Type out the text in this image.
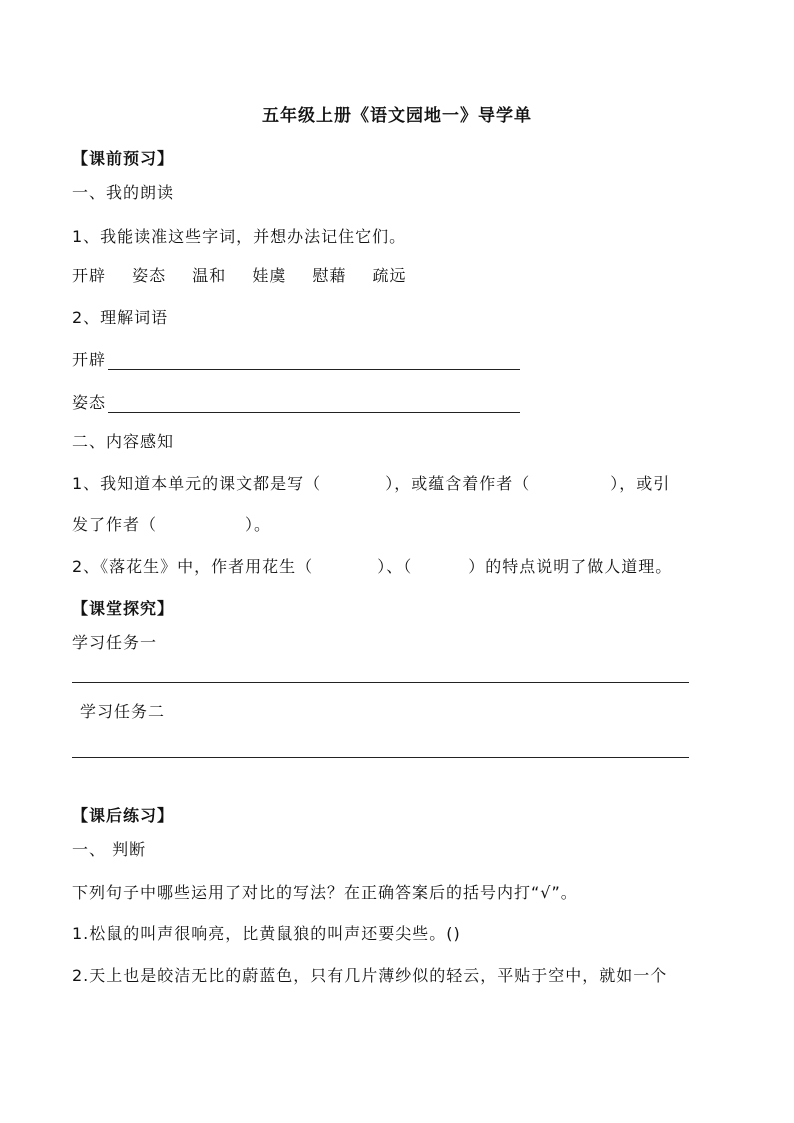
五年级上册《语文园地一》导学单
【课前预习】
一、我的朗读
1、我能读准这些字词，并想办法记住它们。
开辟 姿态 温和 娃虞 慰藉 疏远
2、理解词语
开辟
姿态
二、内容感知
1、我知道本单元的课文都是写（	），或蕴含着作者（	），或引
发了作者（	）。
2、《落花生》中，作者用花生（	）、（	）的特点说明了做人道理。
【课堂探究】
学习任务一
学习任务二
【课后练习】
一、 判断
下列句子中哪些运用了对比的写法？在正确答案后的括号内打“√”。
1.松鼠的叫声很响亮，比黄鼠狼的叫声还要尖些。()
2.天上也是皎洁无比的蔚蓝色，只有几片薄纱似的轻云，平贴于空中，就如一个
